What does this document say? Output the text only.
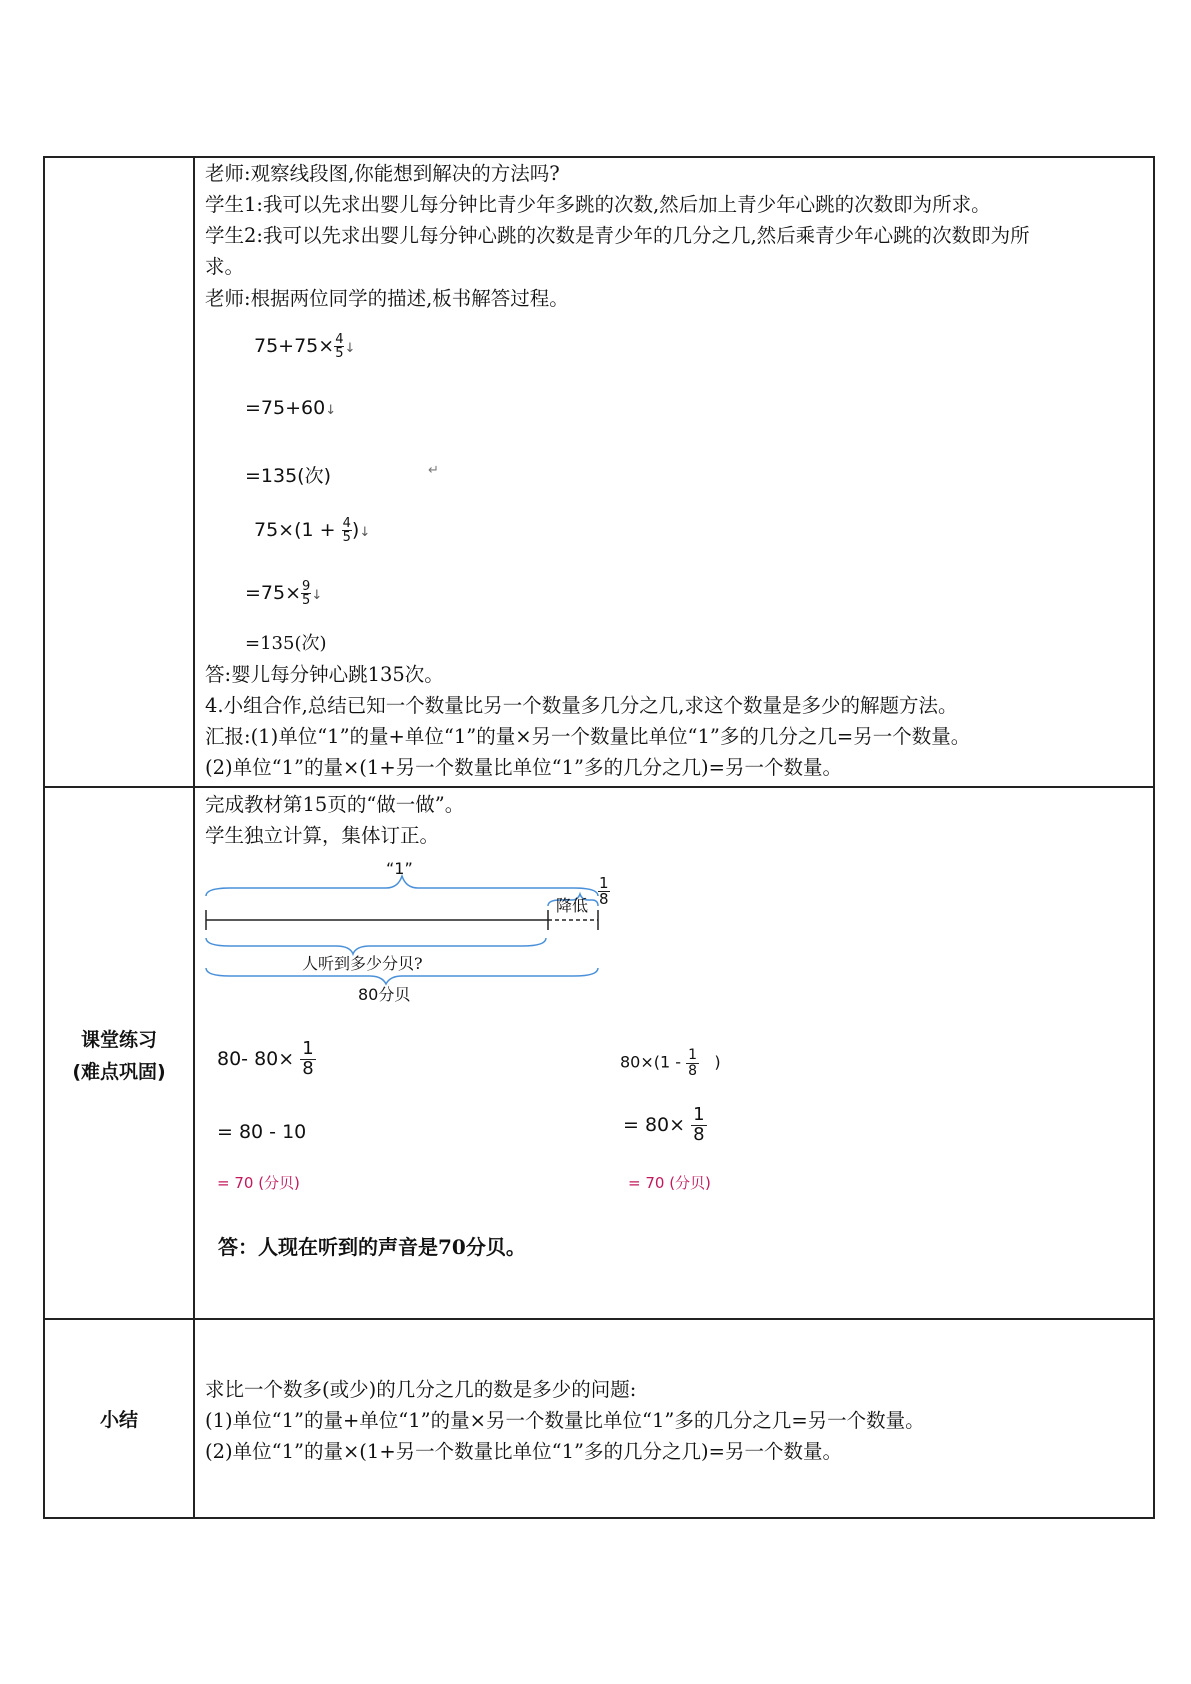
老师:观察线段图,你能想到解决的方法吗?
学生1:我可以先求出婴儿每分钟比青少年多跳的次数,然后加上青少年心跳的次数即为所求。
学生2:我可以先求出婴儿每分钟心跳的次数是青少年的几分之几,然后乘青少年心跳的次数即为所
求。
老师:根据两位同学的描述,板书解答过程。
$75+75\times \frac{4}{5}$ ↓
=75+60↓
=135(次)	↵
$75\times(1 + \frac{4}{5}$ )↓
$=75\times \frac{9}{5}$ ↓
=135(次)
答:婴儿每分钟心跳135次。
4.小组合作,总结已知一个数量比另一个数量多几分之几,求这个数量是多少的解题方法。
汇报:(1)单位“1”的量+单位“1”的量×另一个数量比单位“1”多的几分之几=另一个数量。
(2)单位“1”的量×(1+另一个数量比单位“1”多的几分之几)=另一个数量。
课堂练习
(难点巩固)
完成教材第15页的“做一做”。
学生独立计算，集体订正。
“1”
降低 $\frac{1}{8}$
人听到多少分贝?
80分贝
80- $80\times \frac{1}{8}$
= 80 - 10
= 70 (分贝)
$80\times(1 - \frac{1}{8}$ )
= $80\times \frac{1}{8}$
= 70 (分贝)
答：人现在听到的声音是70分贝。
小结
求比一个数多(或少)的几分之几的数是多少的问题:
(1)单位“1”的量+单位“1”的量×另一个数量比单位“1”多的几分之几=另一个数量。
(2)单位“1”的量×(1+另一个数量比单位“1”多的几分之几)=另一个数量。
